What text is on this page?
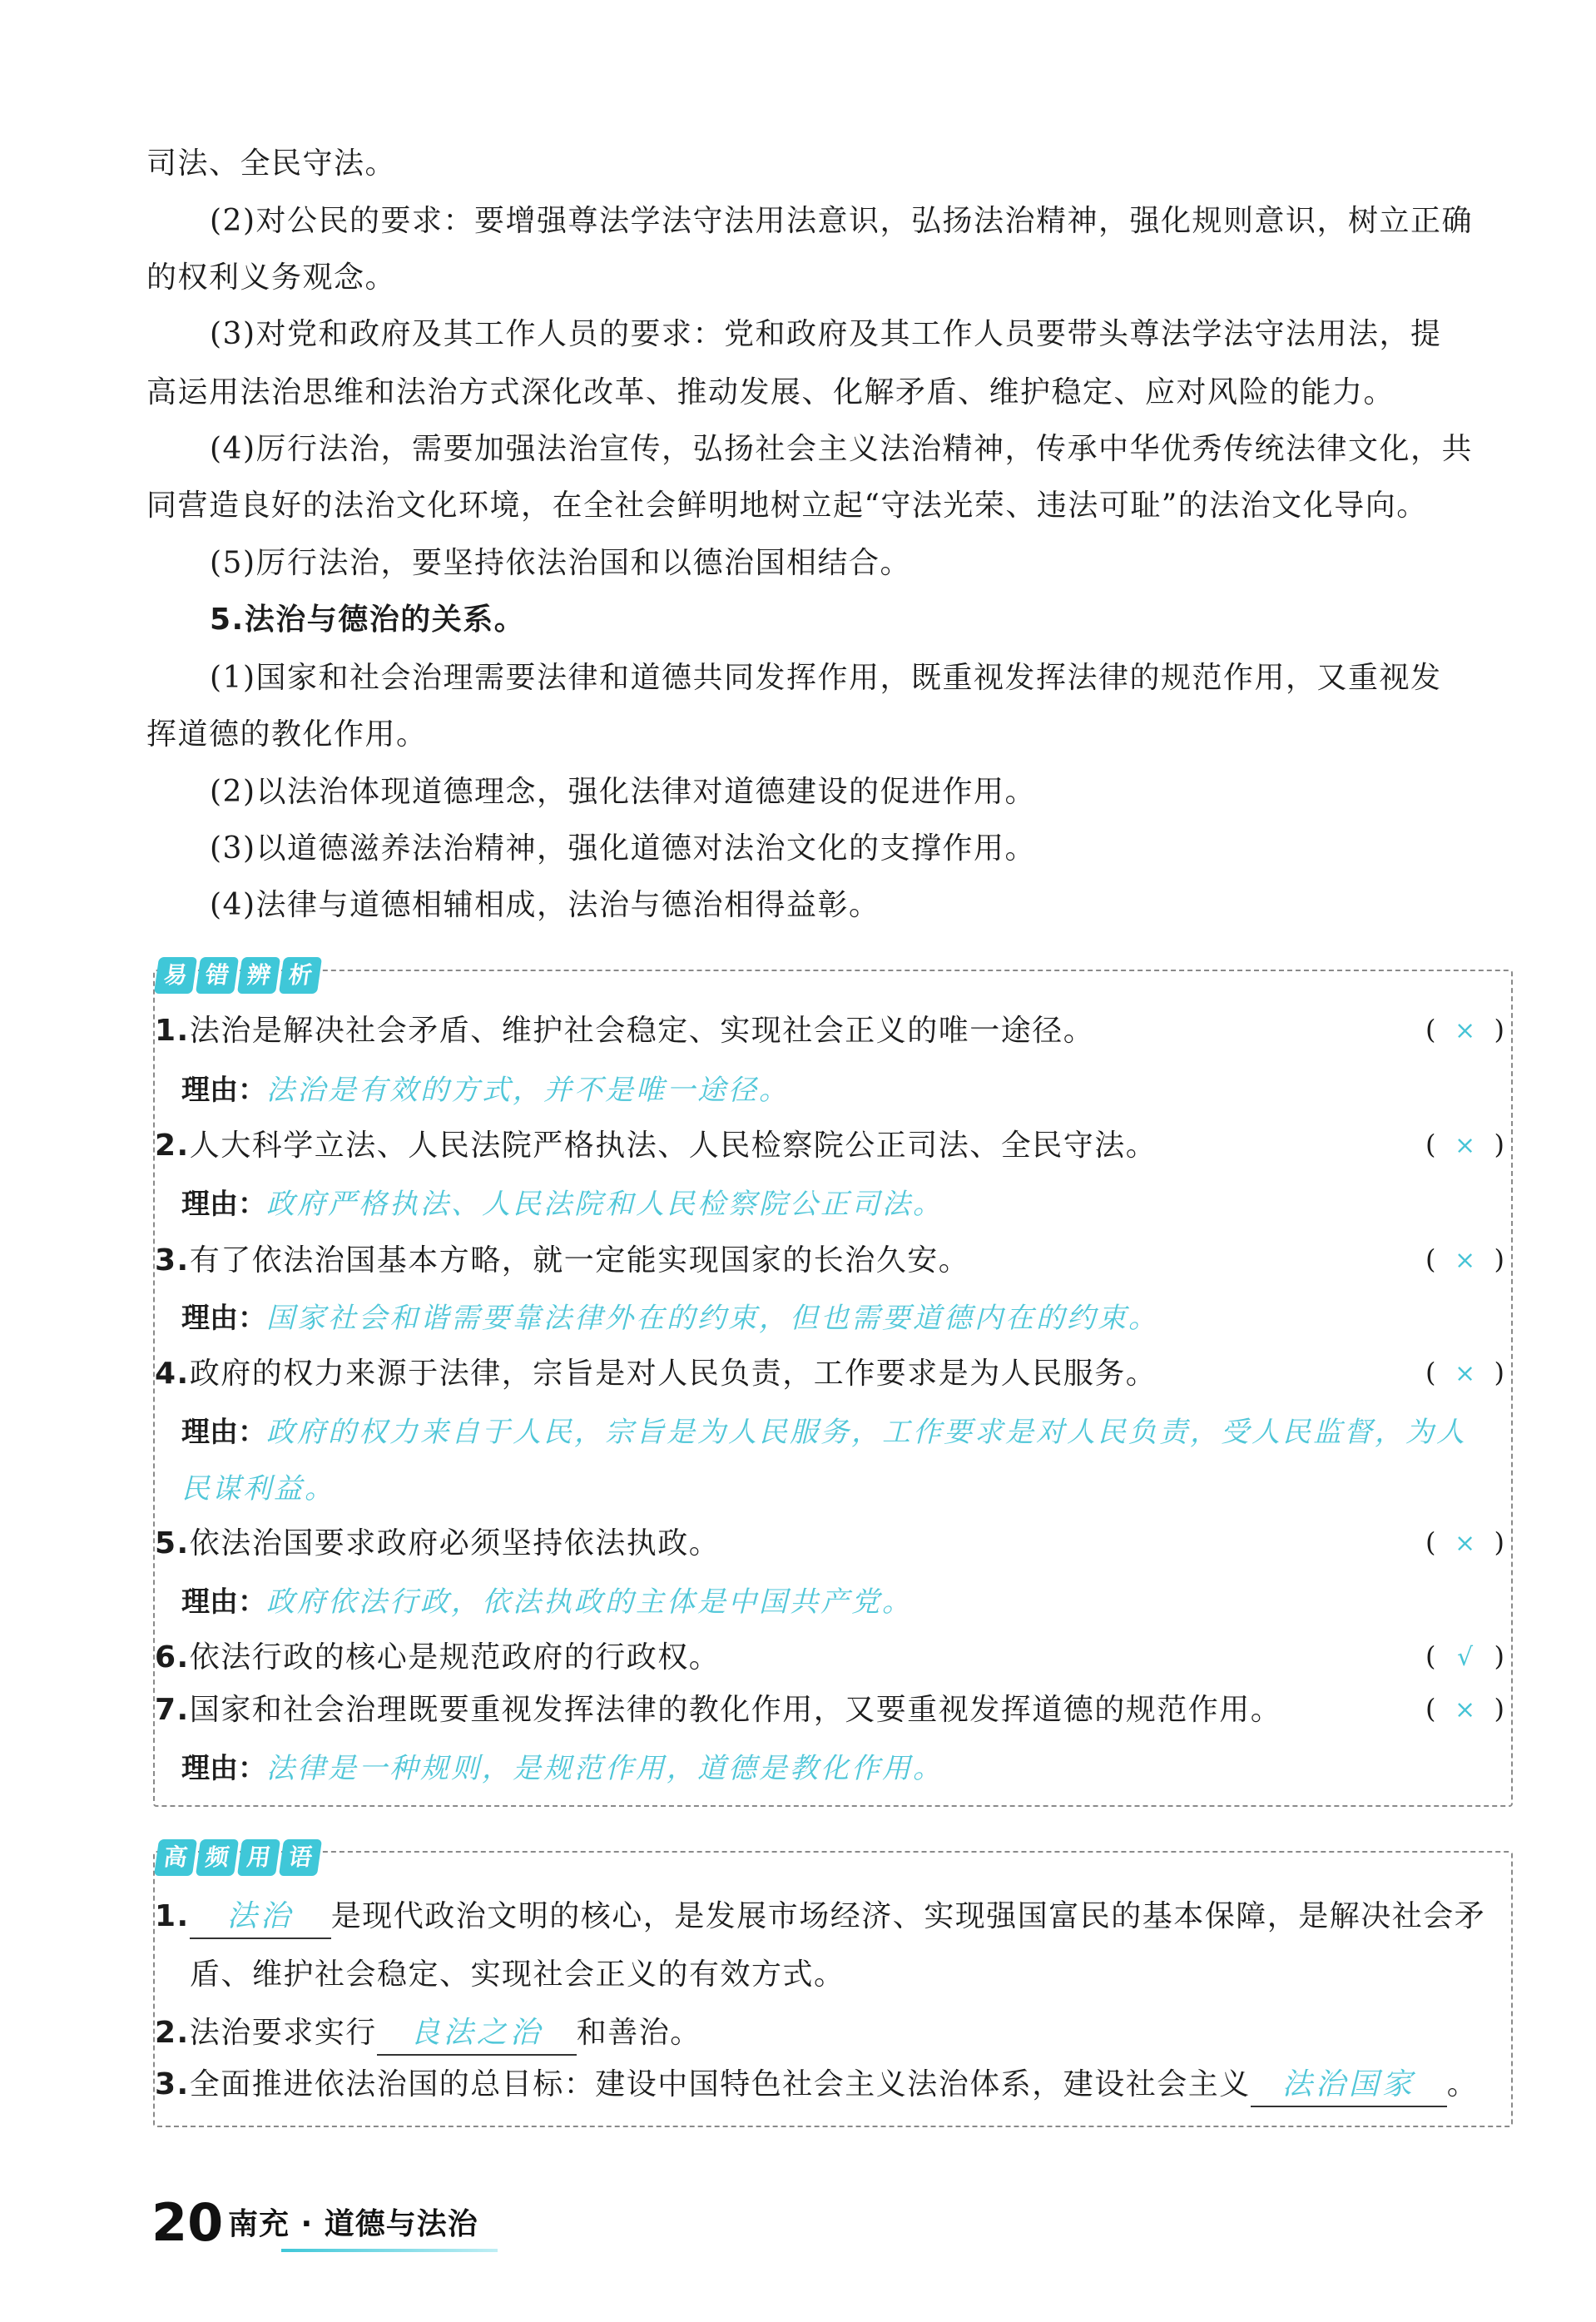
司法、全民守法。
(2)对公民的要求：要增强尊法学法守法用法意识，弘扬法治精神，强化规则意识，树立正确
的权利义务观念。
(3)对党和政府及其工作人员的要求：党和政府及其工作人员要带头尊法学法守法用法，提
高运用法治思维和法治方式深化改革、推动发展、化解矛盾、维护稳定、应对风险的能力。
(4)厉行法治，需要加强法治宣传，弘扬社会主义法治精神，传承中华优秀传统法律文化，共
同营造良好的法治文化环境，在全社会鲜明地树立起“守法光荣、违法可耻”的法治文化导向。
(5)厉行法治，要坚持依法治国和以德治国相结合。
5.法治与德治的关系。
(1)国家和社会治理需要法律和道德共同发挥作用，既重视发挥法律的规范作用，又重视发
挥道德的教化作用。
(2)以法治体现道德理念，强化法律对道德建设的促进作用。
(3)以道德滋养法治精神，强化道德对法治文化的支撑作用。
(4)法律与道德相辅相成，法治与德治相得益彰。
易 错 辨 析
1.法治是解决社会矛盾、维护社会稳定、实现社会正义的唯一途径。	( × )
理由：法治是有效的方式，并不是唯一途径。
2.人大科学立法、人民法院严格执法、人民检察院公正司法、全民守法。	( × )
理由：政府严格执法、人民法院和人民检察院公正司法。
3.有了依法治国基本方略，就一定能实现国家的长治久安。	( × )
理由：国家社会和谐需要靠法律外在的约束，但也需要道德内在的约束。
4.政府的权力来源于法律，宗旨是对人民负责，工作要求是为人民服务。	( × )
理由：政府的权力来自于人民，宗旨是为人民服务，工作要求是对人民负责，受人民监督，为人
民谋利益。
5.依法治国要求政府必须坚持依法执政。	( × )
理由：政府依法行政，依法执政的主体是中国共产党。
6.依法行政的核心是规范政府的行政权。	( √ )
7.国家和社会治理既要重视发挥法律的教化作用，又要重视发挥道德的规范作用。	( × )
理由：法律是一种规则，是规范作用，道德是教化作用。
高 频 用 语
1. 法治 是现代政治文明的核心，是发展市场经济、实现强国富民的基本保障，是解决社会矛
盾、维护社会稳定、实现社会正义的有效方式。
2.法治要求实行 良法之治 和善治。
3.全面推进依法治国的总目标：建设中国特色社会主义法治体系，建设社会主义 法治国家 。
20 南充 · 道德与法治
